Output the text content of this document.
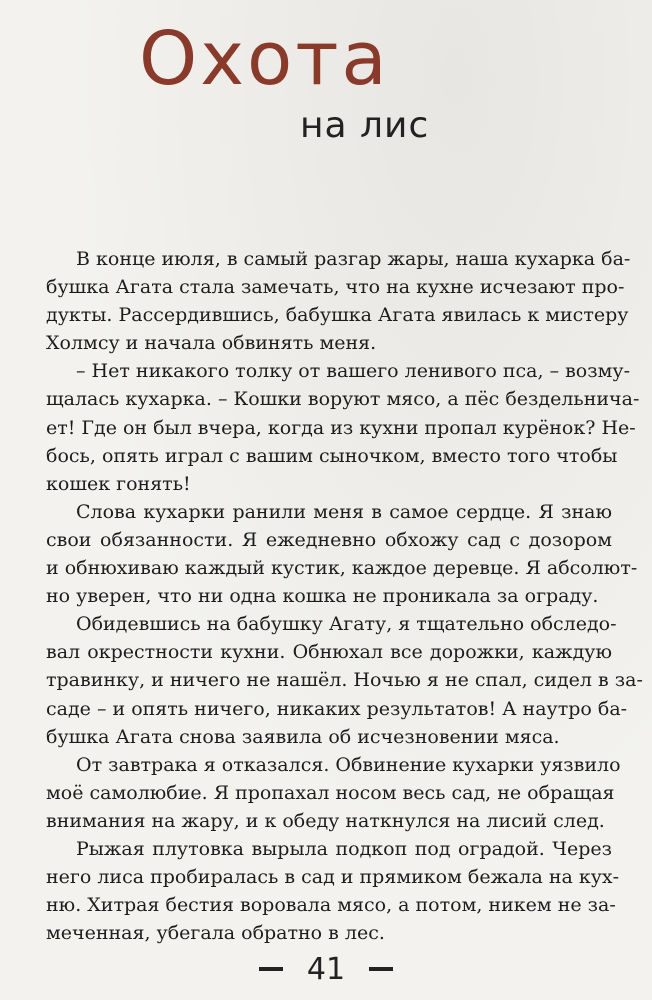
Охота
на лис
В конце июля, в самый разгар жары, наша кухарка ба-
бушка Агата стала замечать, что на кухне исчезают про-
дукты. Рассердившись, бабушка Агата явилась к мистеру
Холмсу и начала обвинять меня.
– Нет никакого толку от вашего ленивого пса, – возму-
щалась кухарка. – Кошки воруют мясо, а пёс бездельничa-
ет! Где он был вчера, когда из кухни пропал курёнок? Не-
бось, опять играл с вашим сыночком, вместо того чтобы
кошек гонять!
Слова кухарки ранили меня в самое сердце. Я знаю
свои обязанности. Я ежедневно обхожу сад с дозором
и обнюхиваю каждый кустик, каждое деревце. Я абсолют-
но уверен, что ни одна кошка не проникала за ограду.
Обидевшись на бабушку Агату, я тщательно обследо-
вал окрестности кухни. Обнюхал все дорожки, каждую
травинку, и ничего не нашёл. Ночью я не спал, сидел в за-
саде – и опять ничего, никаких результатов! А наутро ба-
бушка Агата снова заявила об исчезновении мяса.
От завтрака я отказался. Обвинение кухарки уязвило
моё самолюбие. Я пропахал носом весь сад, не обращая
внимания на жару, и к обеду наткнулся на лисий след.
Рыжая плутовка вырыла подкоп под оградой. Через
него лиса пробиралась в сад и прямиком бежала на кух-
ню. Хитрая бестия воровала мясо, а потом, никем не за-
меченная, убегала обратно в лес.
41
